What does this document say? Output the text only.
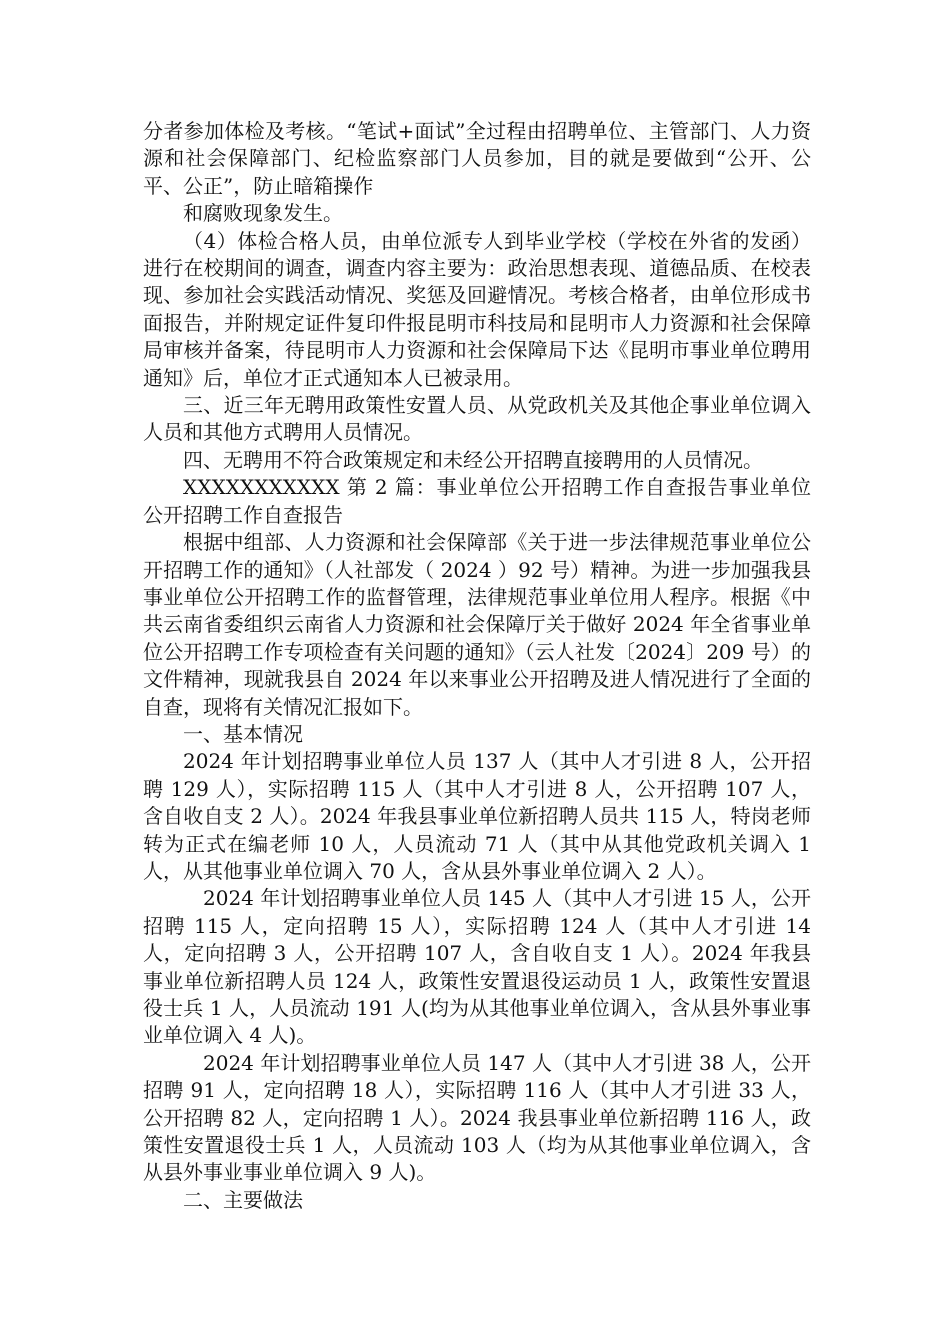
分者参加体检及考核。“笔试+面试”全过程由招聘单位、主管部门、人力资源和社会保障部门、纪检监察部门人员参加，目的就是要做到“公开、公平、公正”，防止暗箱操作

和腐败现象发生。

（4）体检合格人员，由单位派专人到毕业学校（学校在外省的发函）进行在校期间的调查，调查内容主要为：政治思想表现、道德品质、在校表现、参加社会实践活动情况、奖惩及回避情况。考核合格者，由单位形成书面报告，并附规定证件复印件报昆明市科技局和昆明市人力资源和社会保障局审核并备案，待昆明市人力资源和社会保障局下达《昆明市事业单位聘用通知》后，单位才正式通知本人已被录用。

三、近三年无聘用政策性安置人员、从党政机关及其他企事业单位调入人员和其他方式聘用人员情况。

四、无聘用不符合政策规定和未经公开招聘直接聘用的人员情况。

XXXXXXXXXXX 第 2 篇：事业单位公开招聘工作自查报告事业单位公开招聘工作自查报告

根据中组部、人力资源和社会保障部《关于进一步法律规范事业单位公开招聘工作的通知》（人社部发（ 2024 ）92 号）精神。为进一步加强我县事业单位公开招聘工作的监督管理，法律规范事业单位用人程序。根据《中共云南省委组织云南省人力资源和社会保障厅关于做好 2024 年全省事业单位公开招聘工作专项检查有关问题的通知》（云人社发〔2024〕209 号）的文件精神，现就我县自 2024 年以来事业公开招聘及进人情况进行了全面的自查，现将有关情况汇报如下。

一、基本情况

2024 年计划招聘事业单位人员 137 人（其中人才引进 8 人，公开招聘 129 人），实际招聘 115 人（其中人才引进 8 人，公开招聘 107 人，含自收自支 2 人）。2024 年我县事业单位新招聘人员共 115 人，特岗老师转为正式在编老师 10 人，人员流动 71 人（其中从其他党政机关调入 1 人，从其他事业单位调入 70 人，含从县外事业单位调入 2 人）。

2024 年计划招聘事业单位人员 145 人（其中人才引进 15 人，公开招聘 115 人，定向招聘 15 人），实际招聘 124 人（其中人才引进 14 人，定向招聘 3 人，公开招聘 107 人，含自收自支 1 人）。2024 年我县事业单位新招聘人员 124 人，政策性安置退役运动员 1 人，政策性安置退役士兵 1 人，人员流动 191 人(均为从其他事业单位调入，含从县外事业事业单位调入 4 人)。

2024 年计划招聘事业单位人员 147 人（其中人才引进 38 人，公开招聘 91 人，定向招聘 18 人），实际招聘 116 人（其中人才引进 33 人，公开招聘 82 人，定向招聘 1 人）。2024 我县事业单位新招聘 116 人，政策性安置退役士兵 1 人，人员流动 103 人（均为从其他事业单位调入，含从县外事业事业单位调入 9 人)。

二、主要做法
